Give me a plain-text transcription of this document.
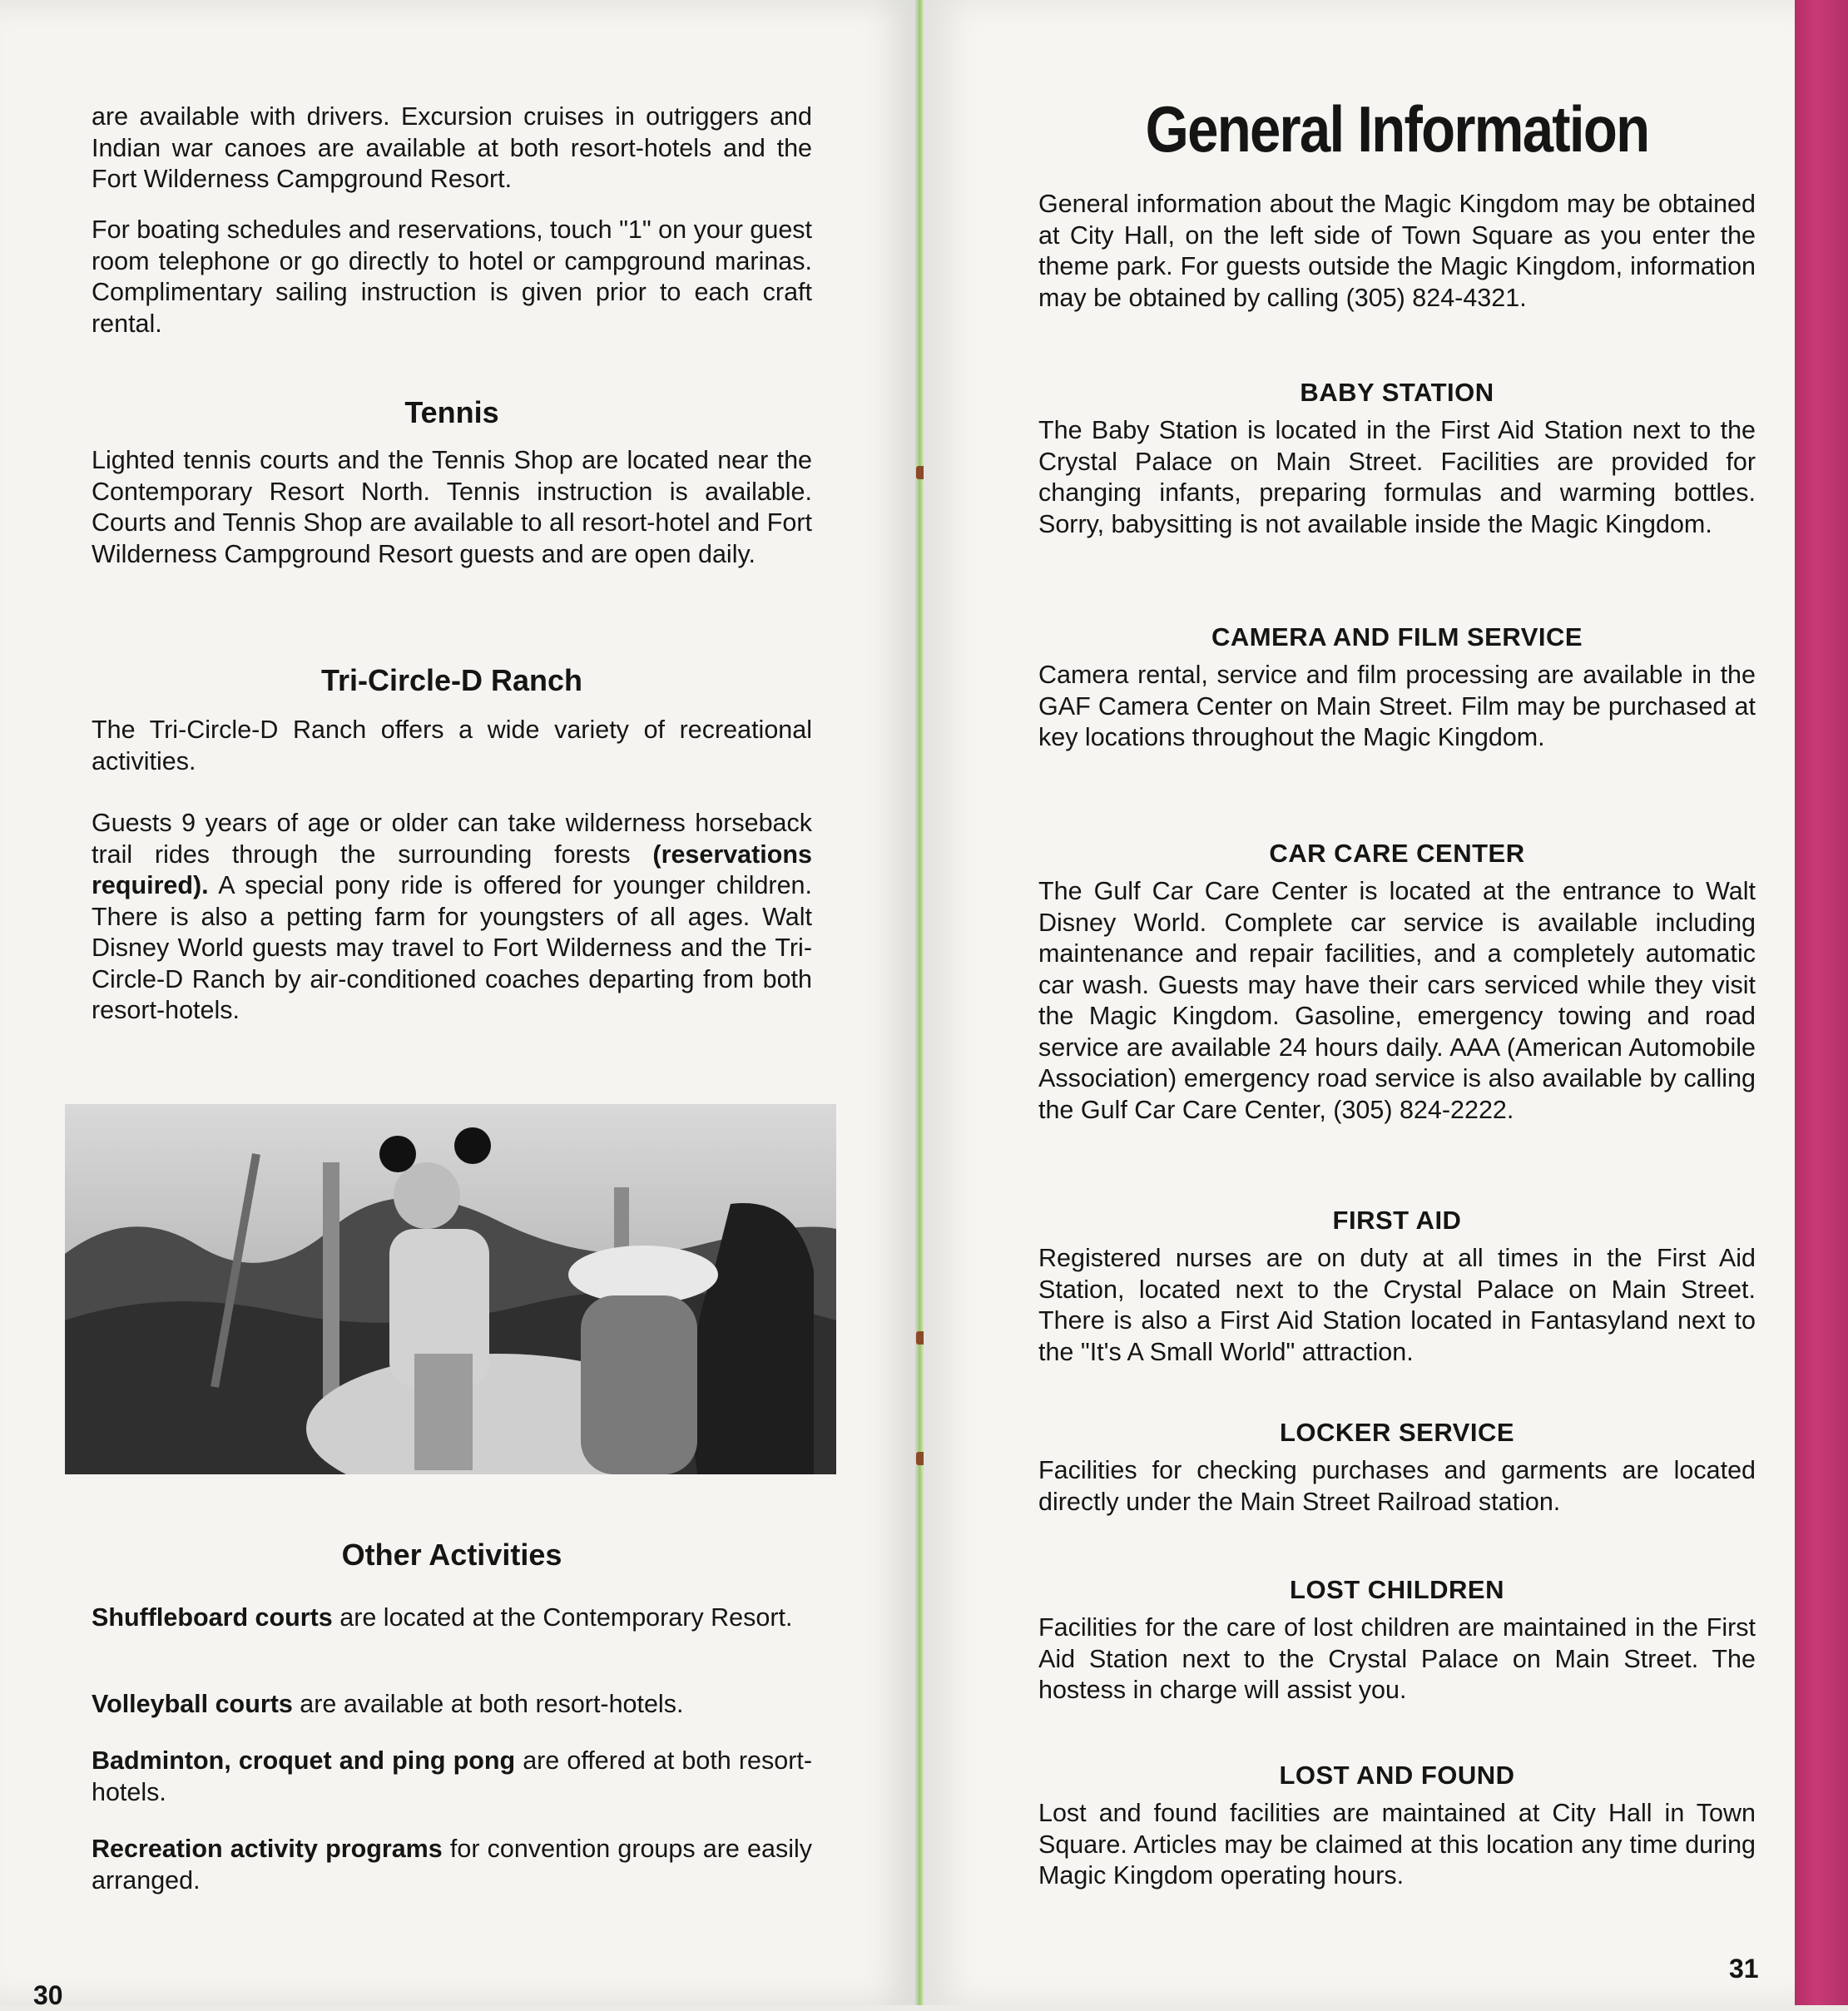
are available with drivers. Excursion cruises in outriggers and Indian war canoes are available at both resort-hotels and the Fort Wilderness Campground Resort.

For boating schedules and reservations, touch "1" on your guest room telephone or go directly to hotel or campground marinas. Complimentary sailing instruction is given prior to each craft rental.

Tennis

Lighted tennis courts and the Tennis Shop are located near the Contemporary Resort North. Tennis instruction is available. Courts and Tennis Shop are available to all resort-hotel and Fort Wilderness Campground Resort guests and are open daily.

Tri-Circle-D Ranch

The Tri-Circle-D Ranch offers a wide variety of recreational activities.

Guests 9 years of age or older can take wilderness horseback trail rides through the surrounding forests (reservations required). A special pony ride is offered for younger children. There is also a petting farm for youngsters of all ages. Walt Disney World guests may travel to Fort Wilderness and the Tri-Circle-D Ranch by air-conditioned coaches departing from both resort-hotels.

Other Activities

Shuffleboard courts are located at the Contemporary Resort.

Volleyball courts are available at both resort-hotels.

Badminton, croquet and ping pong are offered at both resort-hotels.

Recreation activity programs for convention groups are easily arranged.

30
General Information

General information about the Magic Kingdom may be obtained at City Hall, on the left side of Town Square as you enter the theme park. For guests outside the Magic Kingdom, information may be obtained by calling (305) 824-4321.

BABY STATION

The Baby Station is located in the First Aid Station next to the Crystal Palace on Main Street. Facilities are provided for changing infants, preparing formulas and warming bottles. Sorry, babysitting is not available inside the Magic Kingdom.

CAMERA AND FILM SERVICE

Camera rental, service and film processing are available in the GAF Camera Center on Main Street. Film may be purchased at key locations throughout the Magic Kingdom.

CAR CARE CENTER

The Gulf Car Care Center is located at the entrance to Walt Disney World. Complete car service is available including maintenance and repair facilities, and a completely automatic car wash. Guests may have their cars serviced while they visit the Magic Kingdom. Gasoline, emergency towing and road service are available 24 hours daily. AAA (American Automobile Association) emergency road service is also available by calling the Gulf Car Care Center, (305) 824-2222.

FIRST AID

Registered nurses are on duty at all times in the First Aid Station, located next to the Crystal Palace on Main Street. There is also a First Aid Station located in Fantasyland next to the "It's A Small World" attraction.

LOCKER SERVICE

Facilities for checking purchases and garments are located directly under the Main Street Railroad station.

LOST CHILDREN

Facilities for the care of lost children are maintained in the First Aid Station next to the Crystal Palace on Main Street. The hostess in charge will assist you.

LOST AND FOUND

Lost and found facilities are maintained at City Hall in Town Square. Articles may be claimed at this location any time during Magic Kingdom operating hours.

31
